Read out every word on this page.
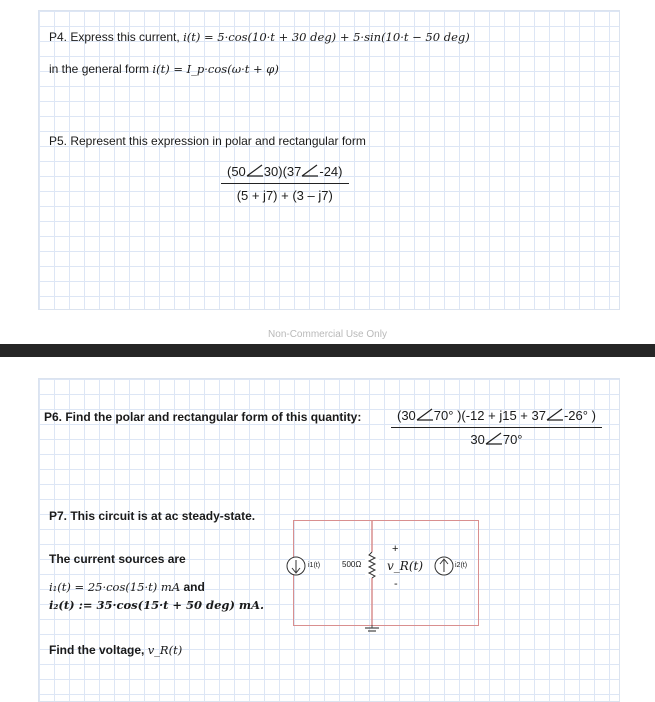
P4. Express this current, i(t) = 5·cos(10·t + 30 deg) + 5·sin(10·t − 50 deg)
in the general form i(t) = I_p·cos(ω·t + φ)
P5. Represent this expression in polar and rectangular form
$\frac{(50 30)(37 -24)}{(5 + j7) + (3 - j7)}$
Non-Commercial Use Only
P6. Find the polar and rectangular form of this quantity: $\frac{(30 70^\circ )(-12 + j15 + 37 -26^\circ )}{30 70^\circ}$
P7. This circuit is at ac steady-state.
The current sources are
i₁(t) = 25·cos(15·t) mA and
i₂(t) := 35·cos(15·t + 50 deg) mA.
Find the voltage, v_R(t)
i1(t)	500Ω
+
v_R(t)
-
i2(t)
